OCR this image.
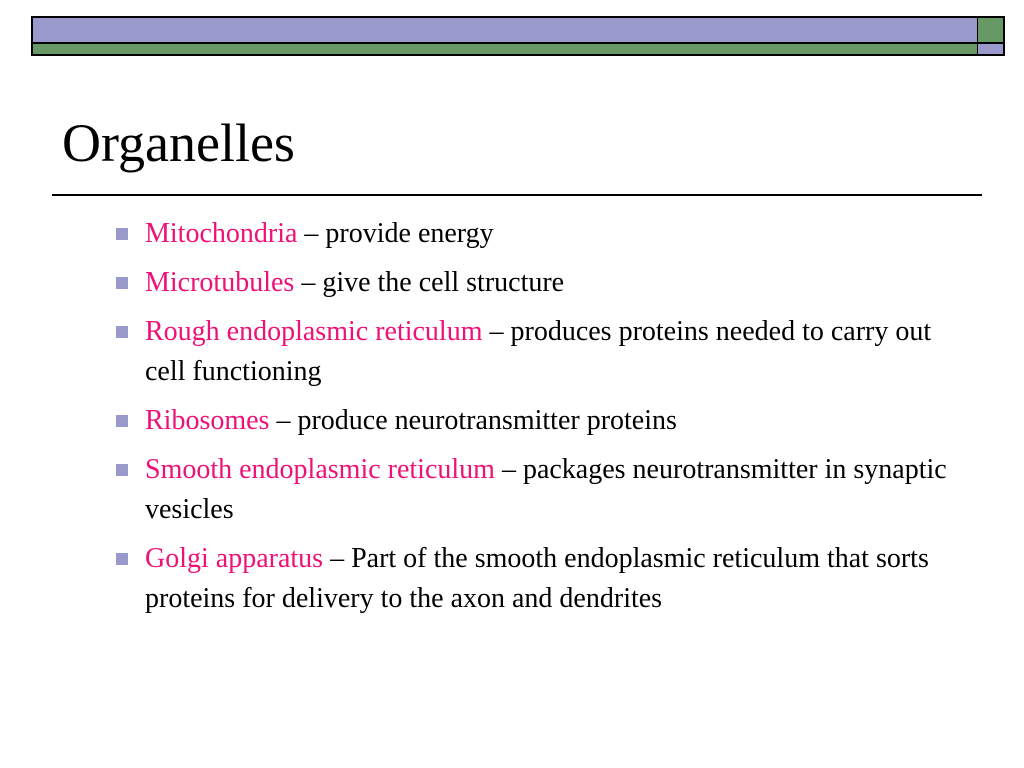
Organelles
Mitochondria – provide energy
Microtubules – give the cell structure
Rough endoplasmic reticulum – produces proteins needed to carry out cell functioning
Ribosomes – produce neurotransmitter proteins
Smooth endoplasmic reticulum – packages neurotransmitter in synaptic vesicles
Golgi apparatus – Part of the smooth endoplasmic reticulum that sorts proteins for delivery to the axon and dendrites
